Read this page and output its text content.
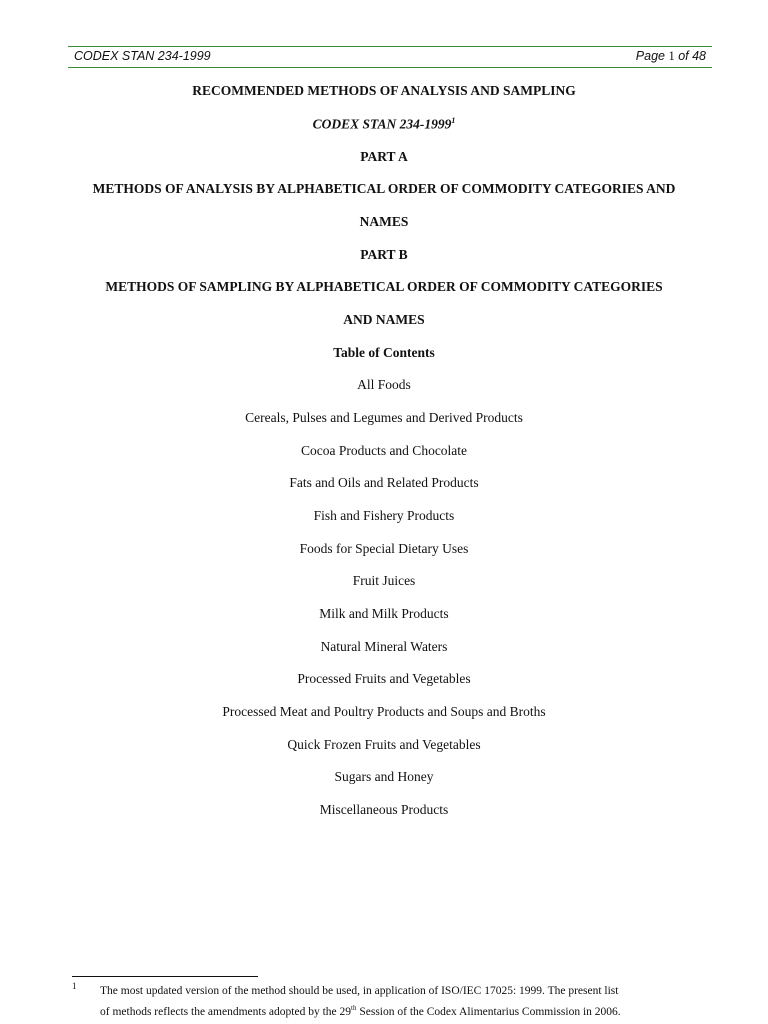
CODEX STAN 234-1999	Page 1 of 48
RECOMMENDED METHODS OF ANALYSIS AND SAMPLING
CODEX STAN 234-1999$^1$
PART A
METHODS OF ANALYSIS BY ALPHABETICAL ORDER OF COMMODITY CATEGORIES AND
NAMES
PART B
METHODS OF SAMPLING BY ALPHABETICAL ORDER OF COMMODITY CATEGORIES
AND NAMES
Table of Contents
All Foods
Cereals, Pulses and Legumes and Derived Products
Cocoa Products and Chocolate
Fats and Oils and Related Products
Fish and Fishery Products
Foods for Special Dietary Uses
Fruit Juices
Milk and Milk Products
Natural Mineral Waters
Processed Fruits and Vegetables
Processed Meat and Poultry Products and Soups and Broths
Quick Frozen Fruits and Vegetables
Sugars and Honey
Miscellaneous Products
1 The most updated version of the method should be used, in application of ISO/IEC 17025: 1999. The present list
of methods reflects the amendments adopted by the 29th Session of the Codex Alimentarius Commission in 2006.
